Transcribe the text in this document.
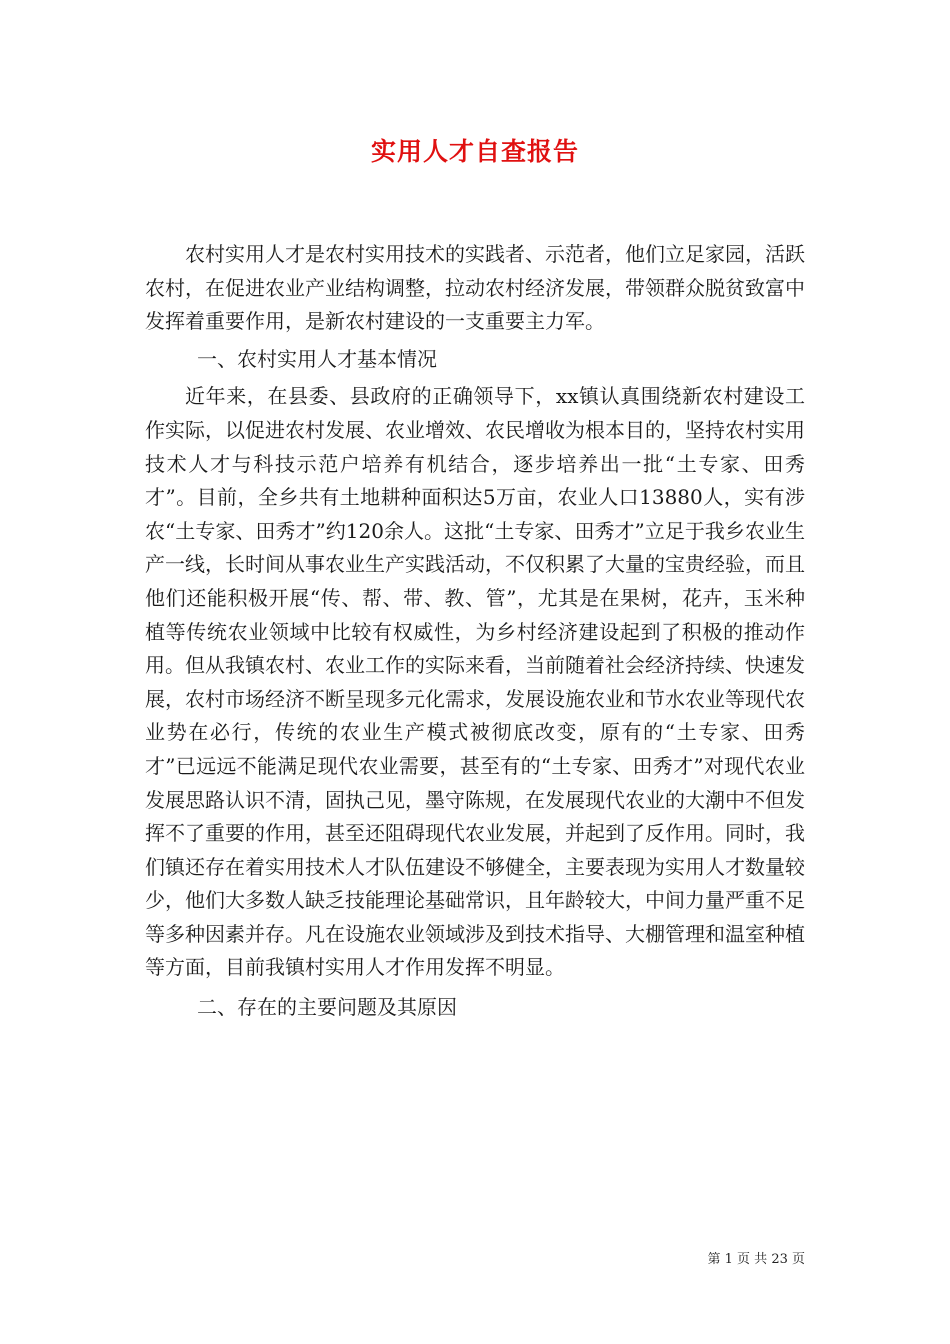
实用人才自查报告

农村实用人才是农村实用技术的实践者、示范者，他们立足家园，活跃农村，在促进农业产业结构调整，拉动农村经济发展，带领群众脱贫致富中发挥着重要作用，是新农村建设的一支重要主力军。

一、农村实用人才基本情况

近年来，在县委、县政府的正确领导下，xx镇认真围绕新农村建设工作实际，以促进农村发展、农业增效、农民增收为根本目的，坚持农村实用技术人才与科技示范户培养有机结合，逐步培养出一批“土专家、田秀才”。目前，全乡共有土地耕种面积达5万亩，农业人口13880人，实有涉农“土专家、田秀才”约120余人。这批“土专家、田秀才”立足于我乡农业生产一线，长时间从事农业生产实践活动，不仅积累了大量的宝贵经验，而且他们还能积极开展“传、帮、带、教、管”，尤其是在果树，花卉，玉米种植等传统农业领域中比较有权威性，为乡村经济建设起到了积极的推动作用。但从我镇农村、农业工作的实际来看，当前随着社会经济持续、快速发展，农村市场经济不断呈现多元化需求，发展设施农业和节水农业等现代农业势在必行，传统的农业生产模式被彻底改变，原有的“土专家、田秀才”已远远不能满足现代农业需要，甚至有的“土专家、田秀才”对现代农业发展思路认识不清，固执己见，墨守陈规，在发展现代农业的大潮中不但发挥不了重要的作用，甚至还阻碍现代农业发展，并起到了反作用。同时，我们镇还存在着实用技术人才队伍建设不够健全，主要表现为实用人才数量较少，他们大多数人缺乏技能理论基础常识，且年龄较大，中间力量严重不足等多种因素并存。凡在设施农业领域涉及到技术指导、大棚管理和温室种植等方面，目前我镇村实用人才作用发挥不明显。

二、存在的主要问题及其原因

第 1 页 共 23 页
